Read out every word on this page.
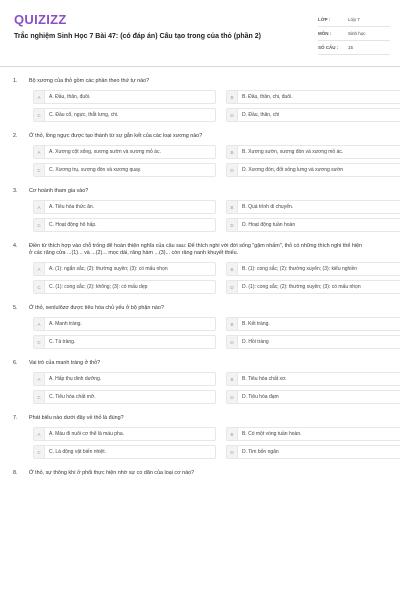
QUIZIZZ
Trắc nghiệm Sinh Học 7 Bài 47: (có đáp án) Cấu tạo trong của thỏ (phần 2)
LỚP :	Lớp 7
MÔN :	Sinh học
SỐ CÂU :	15
1.	Bộ xương của thỏ gồm các phần theo thứ tự nào?
A	A. Đầu, thân, đuôi.	B	B. Đầu, thân, chi, đuôi.
C	C. Đầu cổ, ngực, thắt lưng, chi.	D	D. Đầu, thân, chi
2.	Ở thỏ, lồng ngực được tạo thành từ sự gắn kết của các loại xương nào?
A	A. Xương cột sống, xương sườn và xương mỏ ác.	B	B. Xương sườn, xương đòn và xương mỏ ác.
C	C. Xương trụ, xương đòn và xương quay.	D	D. Xương đòn, đốt sống lưng và xương sườn
3.	Cơ hoành tham gia vào?
A	A. Tiêu hóa thức ăn.	B	B. Quá trình di chuyển.
C	C. Hoạt động hô hấp.	D	D. Hoạt động tuần hoàn
4.	Điền từ thích hợp vào chỗ trống để hoàn thiện nghĩa của câu sau: Để thích nghi với đời sống "gặm nhấm", thỏ có những thích nghi thể hiện ở các răng cửa ...(1)... và ...(2)... mọc dài, răng hàm ...(3)... còn răng nanh khuyết thiếu.
A	A. (1): ngắn sắc; (2): thường xuyên; (3): có mấu nhọn	B	B. (1): cong sắc; (2): thường xuyên; (3): kiểu nghiền
C	C. (1): cong sắc; (2): không; (3): có mấu dẹp	D	D. (1): cong sắc; (2): thường xuyên; (3): có mấu nhọn
5.	Ở thỏ, xenlulôzơ được tiêu hóa chủ yếu ở bộ phận nào?
A	A. Manh tràng.	B	B. Kết tràng.
C	C. Tá tràng.	D	D. Hồi tràng
6.	Vai trò của manh tràng ở thỏ?
A	A. Hấp thụ dinh dưỡng.	B	B. Tiêu hóa chất xơ.
C	C. Tiêu hóa chất mỡ.	D	D. Tiêu hóa đạm
7.	Phát biểu nào dưới đây về thỏ là đúng?
A	A. Máu đi nuôi cơ thể là máu pha.	B	B. Có một vòng tuần hoàn.
C	C. Là động vật biến nhiệt.	D	D. Tim bốn ngăn
8.	Ở thỏ, sự thông khí ở phổi thực hiện nhờ sự co dãn của loại cơ nào?
